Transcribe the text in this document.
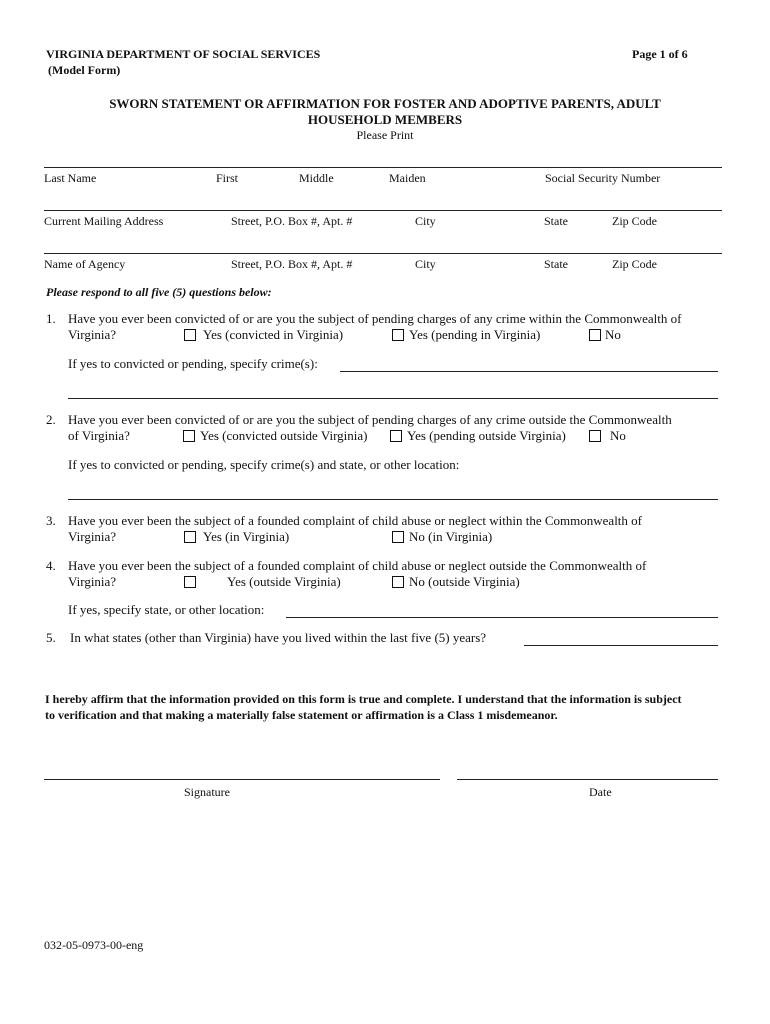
VIRGINIA DEPARTMENT OF SOCIAL SERVICES
(Model Form)
Page 1 of 6
SWORN STATEMENT OR AFFIRMATION FOR FOSTER AND ADOPTIVE PARENTS, ADULT
HOUSEHOLD MEMBERS
Please Print
Last Name	First	Middle	Maiden	Social Security Number
Current Mailing Address	Street, P.O. Box #, Apt. #	City	State	Zip Code
Name of Agency	Street, P.O. Box #, Apt. #	City	State	Zip Code
Please respond to all five (5) questions below:
1. Have you ever been convicted of or are you the subject of pending charges of any crime within the Commonwealth of
Virginia?	Yes (convicted in Virginia)	Yes (pending in Virginia)	No
If yes to convicted or pending, specify crime(s):
2. Have you ever been convicted of or are you the subject of pending charges of any crime outside the Commonwealth
of Virginia?	Yes (convicted outside Virginia)	Yes (pending outside Virginia)	No
If yes to convicted or pending, specify crime(s) and state, or other location:
3. Have you ever been the subject of a founded complaint of child abuse or neglect within the Commonwealth of
Virginia?	Yes (in Virginia)	No (in Virginia)
4. Have you ever been the subject of a founded complaint of child abuse or neglect outside the Commonwealth of
Virginia?	Yes (outside Virginia)	No (outside Virginia)
If yes, specify state, or other location:
5. In what states (other than Virginia) have you lived within the last five (5) years?
I hereby affirm that the information provided on this form is true and complete. I understand that the information is subject
to verification and that making a materially false statement or affirmation is a Class 1 misdemeanor.
Signature	Date
032-05-0973-00-eng
